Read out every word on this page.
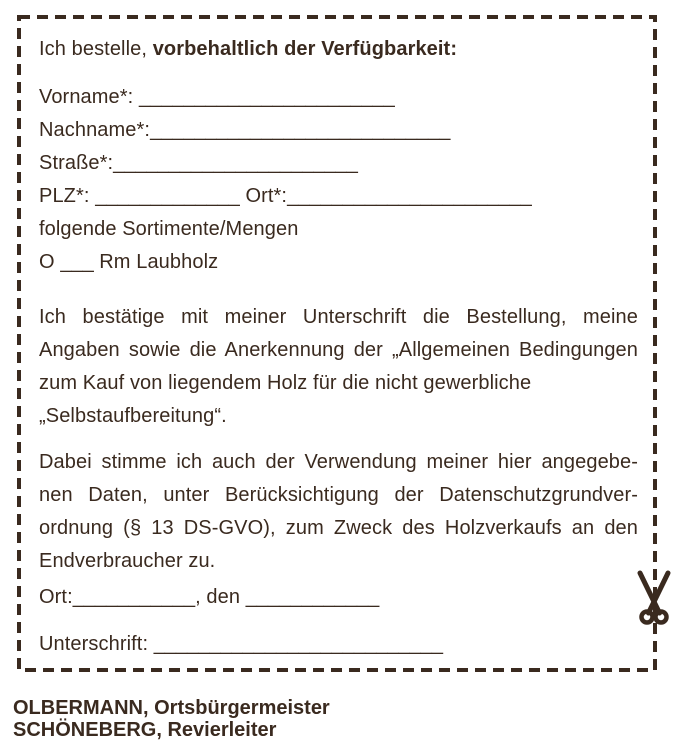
Ich bestelle, vorbehaltlich der Verfügbarkeit:
Vorname*: _______________________
Nachname*:___________________________
Straße*:______________________
PLZ*: _____________ Ort*:______________________
folgende Sortimente/Mengen
O ___ Rm Laubholz
Ich bestätige mit meiner Unterschrift die Bestellung, meine
Angaben sowie die Anerkennung der „Allgemeinen Bedingungen
zum Kauf von liegendem Holz für die nicht gewerbliche
„Selbstaufbereitung“.
Dabei stimme ich auch der Verwendung meiner hier angegebe-
nen Daten, unter Berücksichtigung der Datenschutzgrundver-
ordnung (§ 13 DS-GVO), zum Zweck des Holzverkaufs an den
Endverbraucher zu.
Ort:___________, den ____________
Unterschrift: __________________________
OLBERMANN, Ortsbürgermeister
SCHÖNEBERG, Revierleiter
